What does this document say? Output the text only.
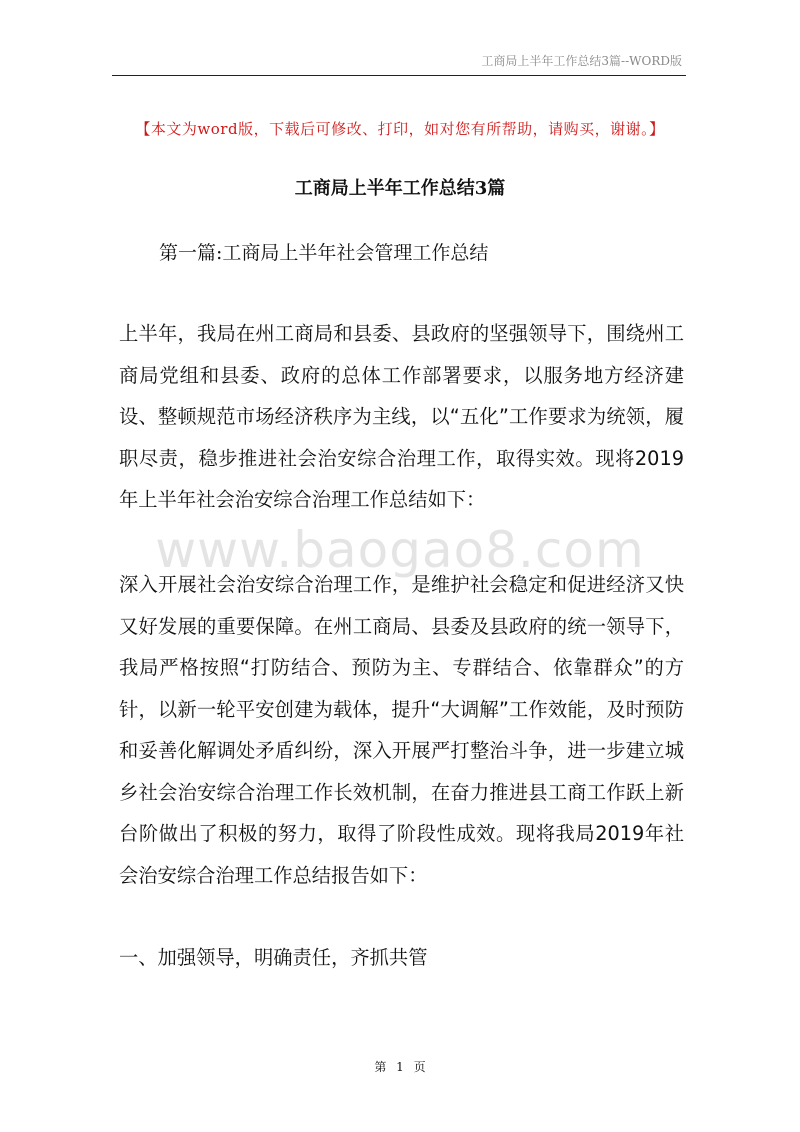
工商局上半年工作总结3篇--WORD版
【本文为word版，下载后可修改、打印，如对您有所帮助，请购买，谢谢。】
工商局上半年工作总结3篇
第一篇:工商局上半年社会管理工作总结

上半年，我局在州工商局和县委、县政府的坚强领导下，围绕州工商局党组和县委、政府的总体工作部署要求，以服务地方经济建设、整顿规范市场经济秩序为主线，以“五化”工作要求为统领，履职尽责，稳步推进社会治安综合治理工作，取得实效。现将2019年上半年社会治安综合治理工作总结如下：

www.baogao8.com

深入开展社会治安综合治理工作，是维护社会稳定和促进经济又快又好发展的重要保障。在州工商局、县委及县政府的统一领导下，我局严格按照“打防结合、预防为主、专群结合、依靠群众”的方针，以新一轮平安创建为载体，提升“大调解”工作效能，及时预防和妥善化解调处矛盾纠纷，深入开展严打整治斗争，进一步建立城乡社会治安综合治理工作长效机制，在奋力推进县工商工作跃上新台阶做出了积极的努力，取得了阶段性成效。现将我局2019年社会治安综合治理工作总结报告如下：

一、加强领导，明确责任，齐抓共管
第 1 页
